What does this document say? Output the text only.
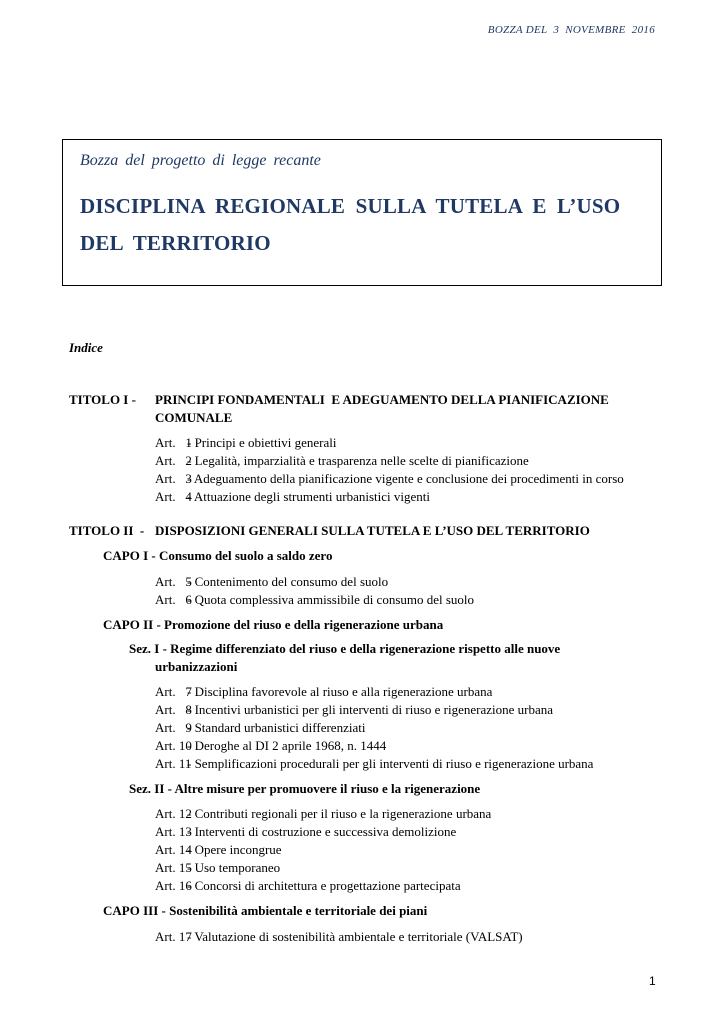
BOZZA DEL  3  NOVEMBRE  2016
Bozza del progetto di legge recante
DISCIPLINA REGIONALE SULLA TUTELA E L’USO
DEL TERRITORIO
Indice
TITOLO I - PRINCIPI FONDAMENTALI  E ADEGUAMENTO DELLA PIANIFICAZIONE
COMUNALE
Art.   1- Principi e obiettivi generali
Art.   2- Legalità, imparzialità e trasparenza nelle scelte di pianificazione
Art.   3- Adeguamento della pianificazione vigente e conclusione dei procedimenti in corso
Art.   4- Attuazione degli strumenti urbanistici vigenti
TITOLO II  - DISPOSIZIONI GENERALI SULLA TUTELA E L’USO DEL TERRITORIO
CAPO I - Consumo del suolo a saldo zero
Art.   5- Contenimento del consumo del suolo
Art.   6- Quota complessiva ammissibile di consumo del suolo
CAPO II - Promozione del riuso e della rigenerazione urbana
Sez. I - Regime differenziato del riuso e della rigenerazione rispetto alle nuove
urbanizzazioni
Art.   7- Disciplina favorevole al riuso e alla rigenerazione urbana
Art.   8- Incentivi urbanistici per gli interventi di riuso e rigenerazione urbana
Art.   9- Standard urbanistici differenziati
Art. 10- Deroghe al DI 2 aprile 1968, n. 1444
Art. 11- Semplificazioni procedurali per gli interventi di riuso e rigenerazione urbana
Sez. II - Altre misure per promuovere il riuso e la rigenerazione
Art. 12- Contributi regionali per il riuso e la rigenerazione urbana
Art. 13- Interventi di costruzione e successiva demolizione
Art. 14- Opere incongrue
Art. 15- Uso temporaneo
Art. 16- Concorsi di architettura e progettazione partecipata
CAPO III - Sostenibilità ambientale e territoriale dei piani
Art. 17- Valutazione di sostenibilità ambientale e territoriale (VALSAT)
1
